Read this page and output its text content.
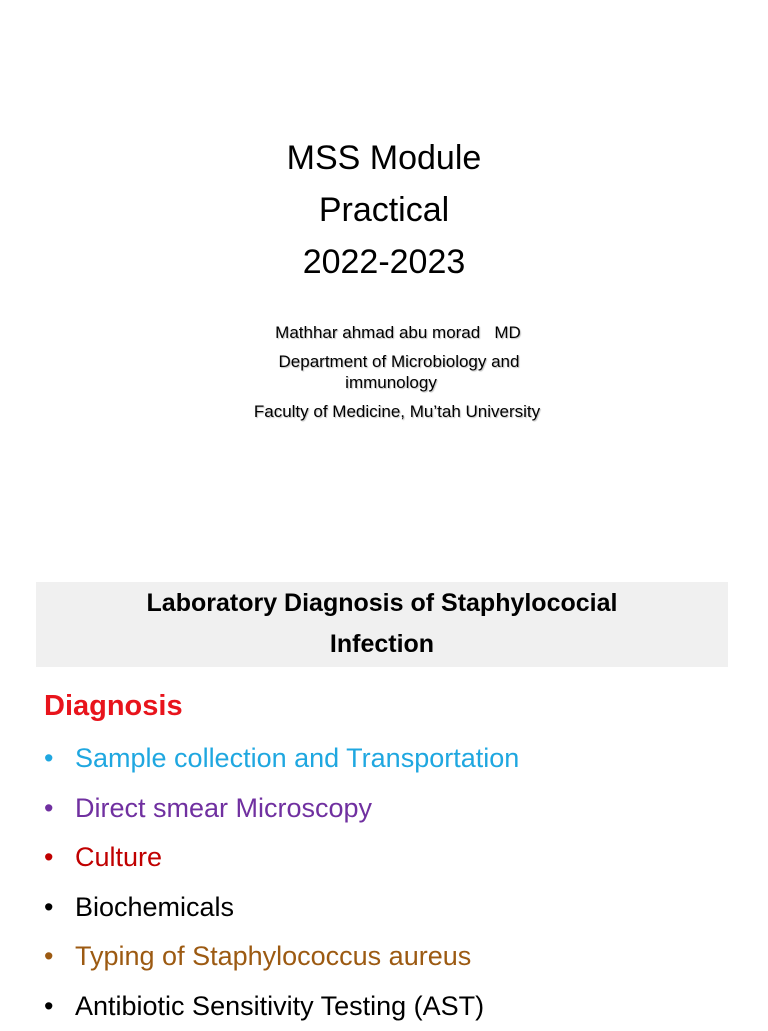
MSS Module
Practical
2022-2023
Mathhar ahmad abu morad   MD
Department of Microbiology and
immunology
Faculty of Medicine, Mu’tah University
Laboratory Diagnosis of Staphylococial
Infection
Diagnosis
• Sample collection and Transportation
• Direct smear Microscopy
• Culture
• Biochemicals
• Typing of Staphylococcus aureus
• Antibiotic Sensitivity Testing (AST)
